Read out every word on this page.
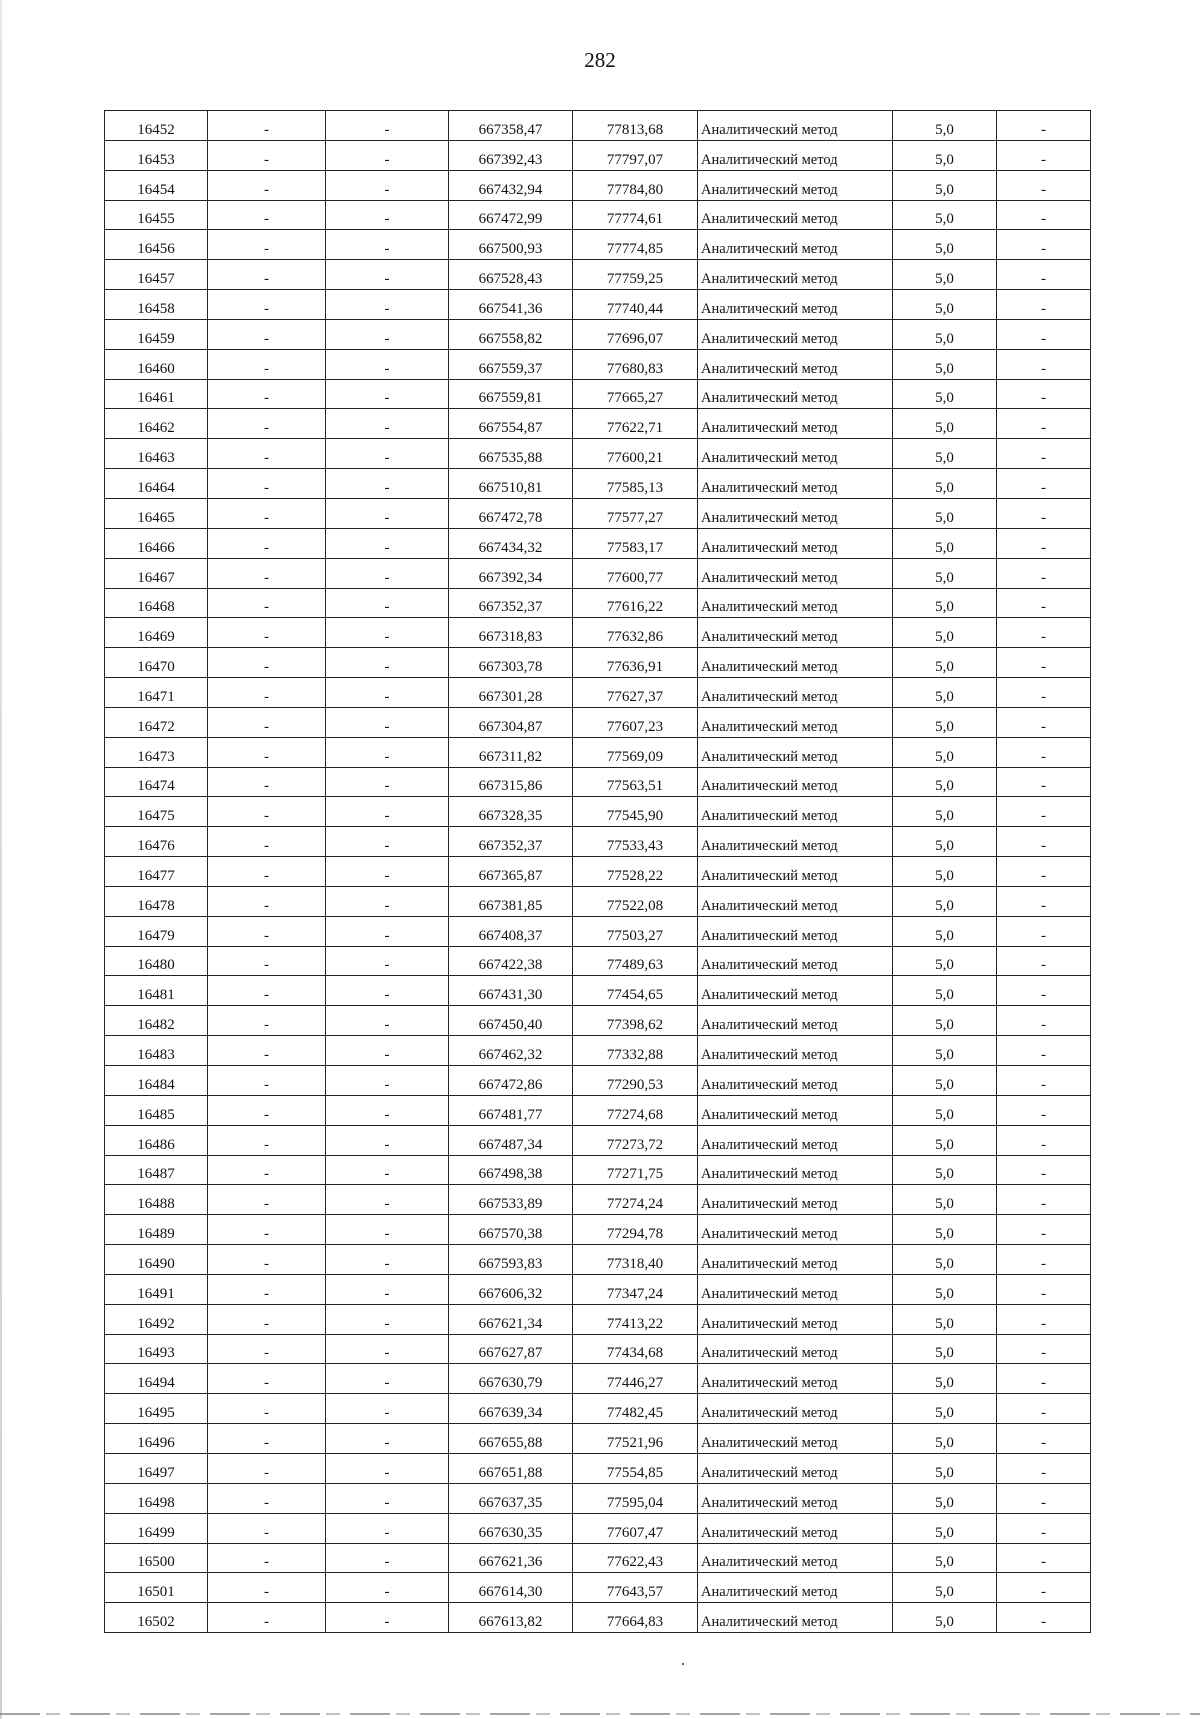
282
16452	-	-	667358,47	77813,68	Аналитический метод	5,0	-
16453	-	-	667392,43	77797,07	Аналитический метод	5,0	-
16454	-	-	667432,94	77784,80	Аналитический метод	5,0	-
16455	-	-	667472,99	77774,61	Аналитический метод	5,0	-
16456	-	-	667500,93	77774,85	Аналитический метод	5,0	-
16457	-	-	667528,43	77759,25	Аналитический метод	5,0	-
16458	-	-	667541,36	77740,44	Аналитический метод	5,0	-
16459	-	-	667558,82	77696,07	Аналитический метод	5,0	-
16460	-	-	667559,37	77680,83	Аналитический метод	5,0	-
16461	-	-	667559,81	77665,27	Аналитический метод	5,0	-
16462	-	-	667554,87	77622,71	Аналитический метод	5,0	-
16463	-	-	667535,88	77600,21	Аналитический метод	5,0	-
16464	-	-	667510,81	77585,13	Аналитический метод	5,0	-
16465	-	-	667472,78	77577,27	Аналитический метод	5,0	-
16466	-	-	667434,32	77583,17	Аналитический метод	5,0	-
16467	-	-	667392,34	77600,77	Аналитический метод	5,0	-
16468	-	-	667352,37	77616,22	Аналитический метод	5,0	-
16469	-	-	667318,83	77632,86	Аналитический метод	5,0	-
16470	-	-	667303,78	77636,91	Аналитический метод	5,0	-
16471	-	-	667301,28	77627,37	Аналитический метод	5,0	-
16472	-	-	667304,87	77607,23	Аналитический метод	5,0	-
16473	-	-	667311,82	77569,09	Аналитический метод	5,0	-
16474	-	-	667315,86	77563,51	Аналитический метод	5,0	-
16475	-	-	667328,35	77545,90	Аналитический метод	5,0	-
16476	-	-	667352,37	77533,43	Аналитический метод	5,0	-
16477	-	-	667365,87	77528,22	Аналитический метод	5,0	-
16478	-	-	667381,85	77522,08	Аналитический метод	5,0	-
16479	-	-	667408,37	77503,27	Аналитический метод	5,0	-
16480	-	-	667422,38	77489,63	Аналитический метод	5,0	-
16481	-	-	667431,30	77454,65	Аналитический метод	5,0	-
16482	-	-	667450,40	77398,62	Аналитический метод	5,0	-
16483	-	-	667462,32	77332,88	Аналитический метод	5,0	-
16484	-	-	667472,86	77290,53	Аналитический метод	5,0	-
16485	-	-	667481,77	77274,68	Аналитический метод	5,0	-
16486	-	-	667487,34	77273,72	Аналитический метод	5,0	-
16487	-	-	667498,38	77271,75	Аналитический метод	5,0	-
16488	-	-	667533,89	77274,24	Аналитический метод	5,0	-
16489	-	-	667570,38	77294,78	Аналитический метод	5,0	-
16490	-	-	667593,83	77318,40	Аналитический метод	5,0	-
16491	-	-	667606,32	77347,24	Аналитический метод	5,0	-
16492	-	-	667621,34	77413,22	Аналитический метод	5,0	-
16493	-	-	667627,87	77434,68	Аналитический метод	5,0	-
16494	-	-	667630,79	77446,27	Аналитический метод	5,0	-
16495	-	-	667639,34	77482,45	Аналитический метод	5,0	-
16496	-	-	667655,88	77521,96	Аналитический метод	5,0	-
16497	-	-	667651,88	77554,85	Аналитический метод	5,0	-
16498	-	-	667637,35	77595,04	Аналитический метод	5,0	-
16499	-	-	667630,35	77607,47	Аналитический метод	5,0	-
16500	-	-	667621,36	77622,43	Аналитический метод	5,0	-
16501	-	-	667614,30	77643,57	Аналитический метод	5,0	-
16502	-	-	667613,82	77664,83	Аналитический метод	5,0	-
